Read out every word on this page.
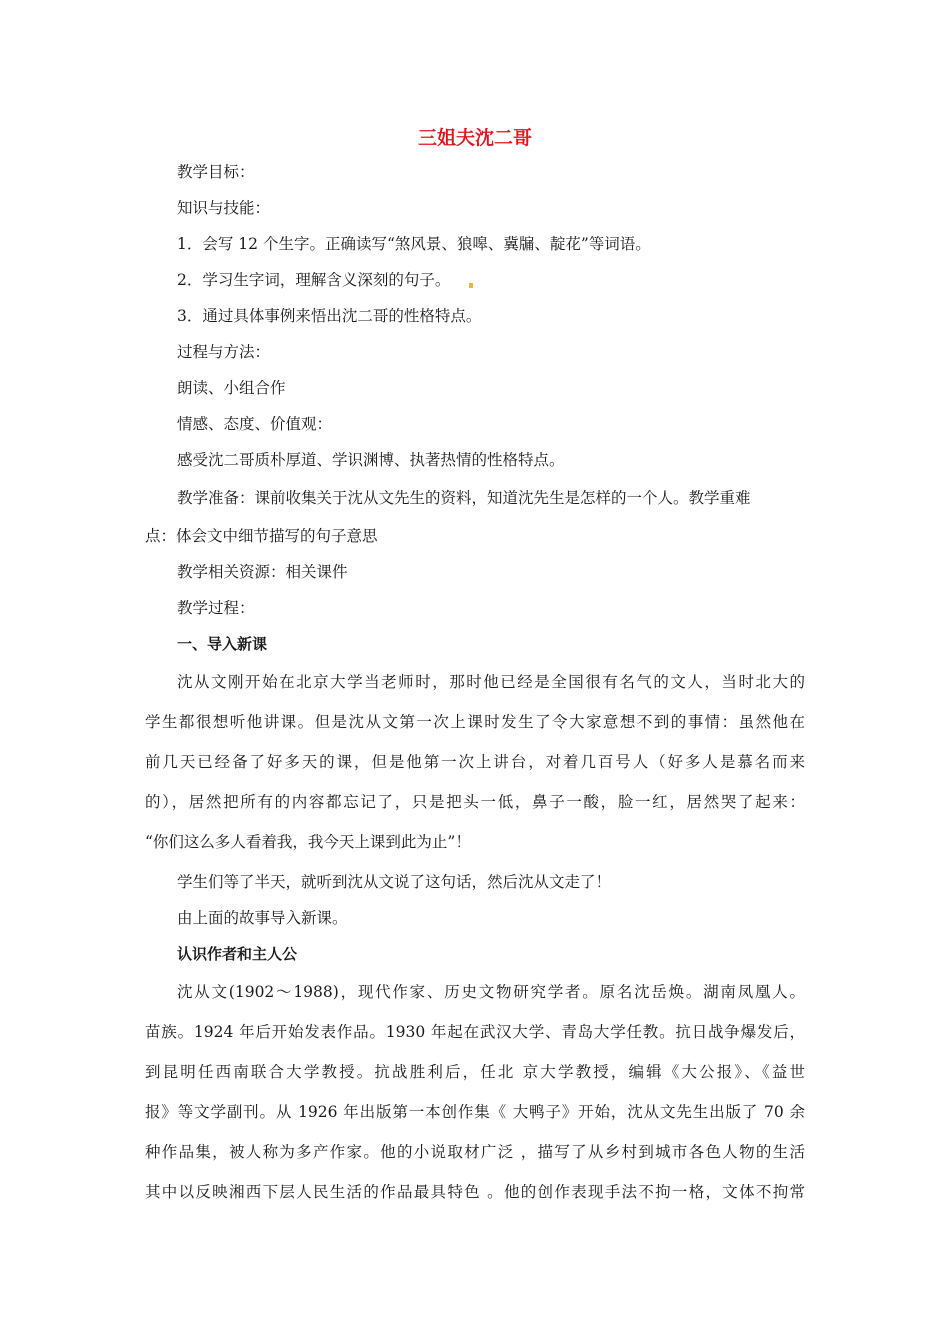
三姐夫沈二哥
教学目标：
知识与技能：
1．会写 12 个生字。正确读写“煞风景、狼嗥、冀牖、靛花”等词语。
2．学习生字词，理解含义深刻的句子。
3．通过具体事例来悟出沈二哥的性格特点。
过程与方法：
朗读、小组合作
情感、态度、价值观：
感受沈二哥质朴厚道、学识渊博、执著热情的性格特点。
教学准备：课前收集关于沈从文先生的资料，知道沈先生是怎样的一个人。教学重难
点：体会文中细节描写的句子意思
教学相关资源：相关课件
教学过程：
一、导入新课
沈从文刚开始在北京大学当老师时，那时他已经是全国很有名气的文人，当时北大的
学生都很想听他讲课。但是沈从文第一次上课时发生了令大家意想不到的事情：虽然他在
前几天已经备了好多天的课，但是他第一次上讲台，对着几百号人（好多人是慕名而来
的），居然把所有的内容都忘记了，只是把头一低，鼻子一酸，脸一红，居然哭了起来：
“你们这么多人看着我，我今天上课到此为止”！
学生们等了半天，就听到沈从文说了这句话，然后沈从文走了！
由上面的故事导入新课。
认识作者和主人公
沈从文(1902～1988)，现代作家、历史文物研究学者。原名沈岳焕。湖南凤凰人。
苗族。1924 年后开始发表作品。1930 年起在武汉大学、青岛大学任教。抗日战争爆发后，
到昆明任西南联合大学教授。抗战胜利后，任北 京大学教授，编辑《大公报》、《益世
报》等文学副刊。从 1926 年出版第一本创作集《 大鸭子》开始，沈从文先生出版了 70 余
种作品集，被人称为多产作家。他的小说取材广泛 ，描写了从乡村到城市各色人物的生活
其中以反映湘西下层人民生活的作品最具特色 。他的创作表现手法不拘一格，文体不拘常
